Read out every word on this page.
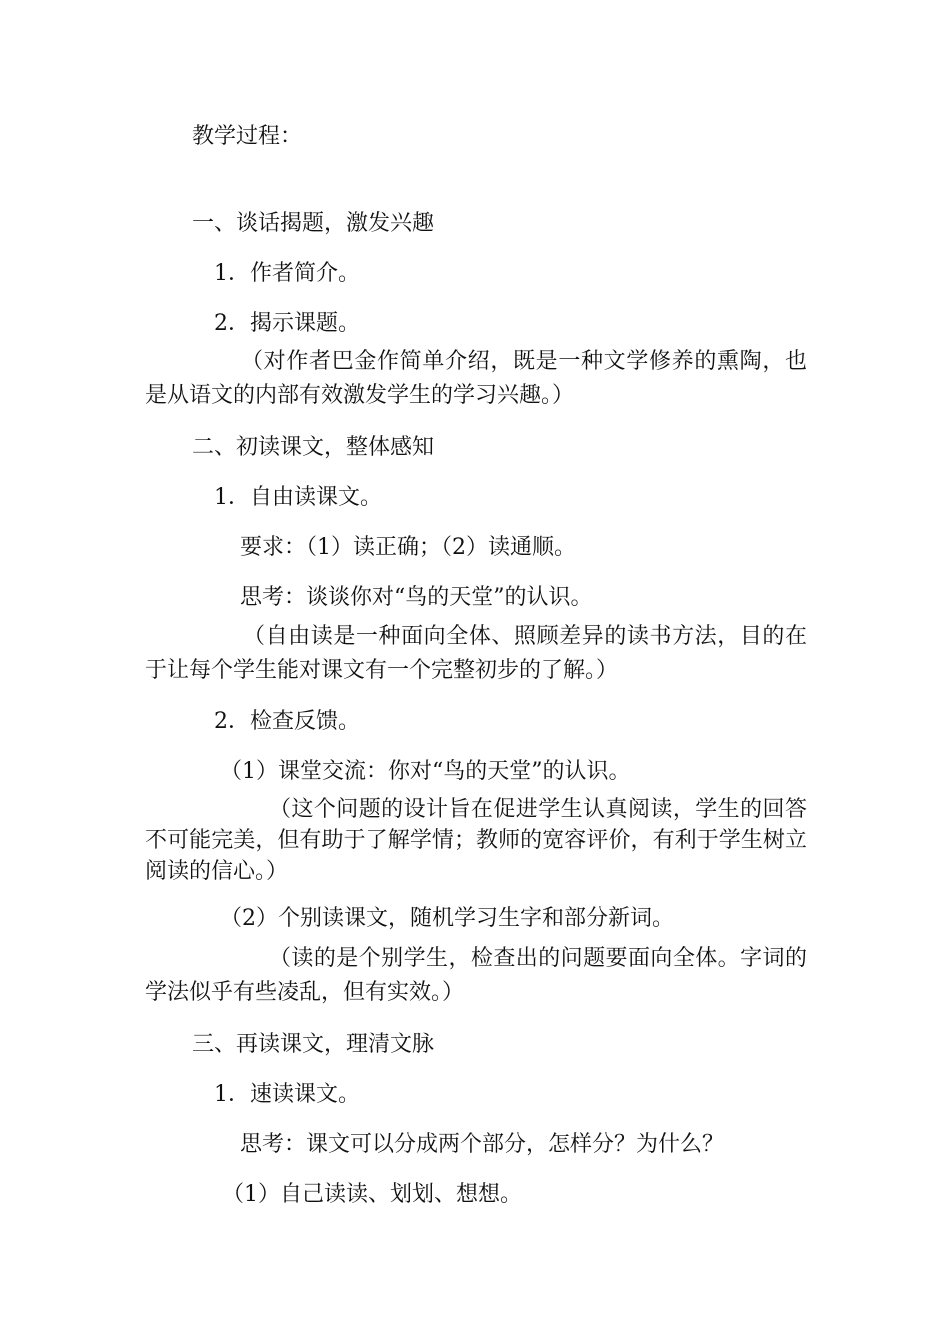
教学过程：
一、谈话揭题，激发兴趣
1．作者简介。
2．揭示课题。
（对作者巴金作简单介绍，既是一种文学修养的熏陶，也是从语文的内部有效激发学生的学习兴趣。）
二、初读课文，整体感知
1．自由读课文。
要求：（1）读正确；（2）读通顺。
思考：谈谈你对“鸟的天堂”的认识。
（自由读是一种面向全体、照顾差异的读书方法，目的在于让每个学生能对课文有一个完整初步的了解。）
2．检查反馈。
（1）课堂交流：你对“鸟的天堂”的认识。
（这个问题的设计旨在促进学生认真阅读，学生的回答不可能完美，但有助于了解学情；教师的宽容评价，有利于学生树立阅读的信心。）
（2）个别读课文，随机学习生字和部分新词。
（读的是个别学生，检查出的问题要面向全体。字词的学法似乎有些凌乱，但有实效。）
三、再读课文，理清文脉
1．速读课文。
思考：课文可以分成两个部分，怎样分？为什么？
（1）自己读读、划划、想想。
